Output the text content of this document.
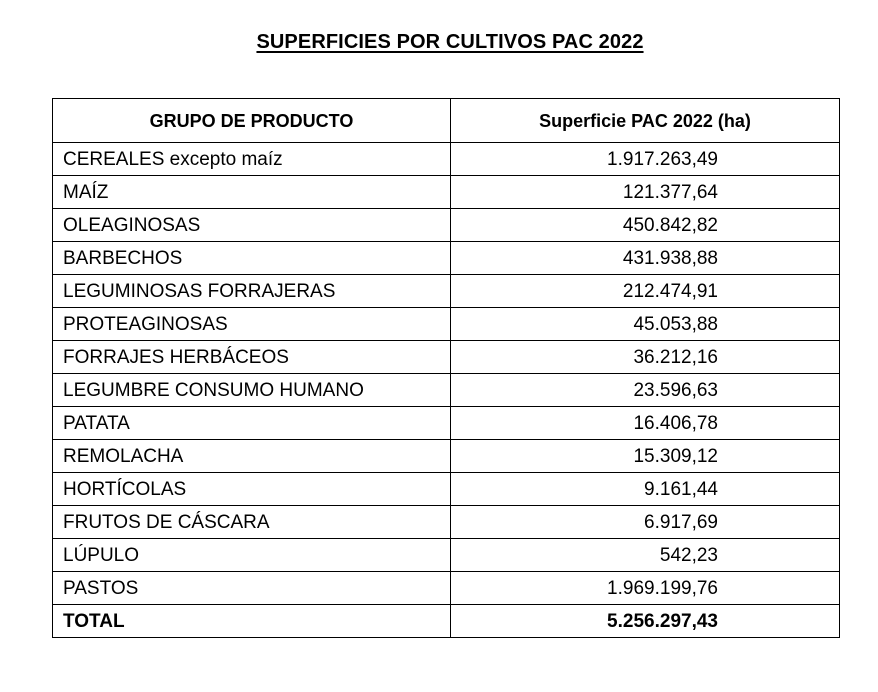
SUPERFICIES POR CULTIVOS PAC 2022
GRUPO DE PRODUCTO	Superficie PAC 2022 (ha)
CEREALES excepto maíz	1.917.263,49
MAÍZ	121.377,64
OLEAGINOSAS	450.842,82
BARBECHOS	431.938,88
LEGUMINOSAS FORRAJERAS	212.474,91
PROTEAGINOSAS	45.053,88
FORRAJES HERBÁCEOS	36.212,16
LEGUMBRE CONSUMO HUMANO	23.596,63
PATATA	16.406,78
REMOLACHA	15.309,12
HORTÍCOLAS	9.161,44
FRUTOS DE CÁSCARA	6.917,69
LÚPULO	542,23
PASTOS	1.969.199,76
TOTAL	5.256.297,43
